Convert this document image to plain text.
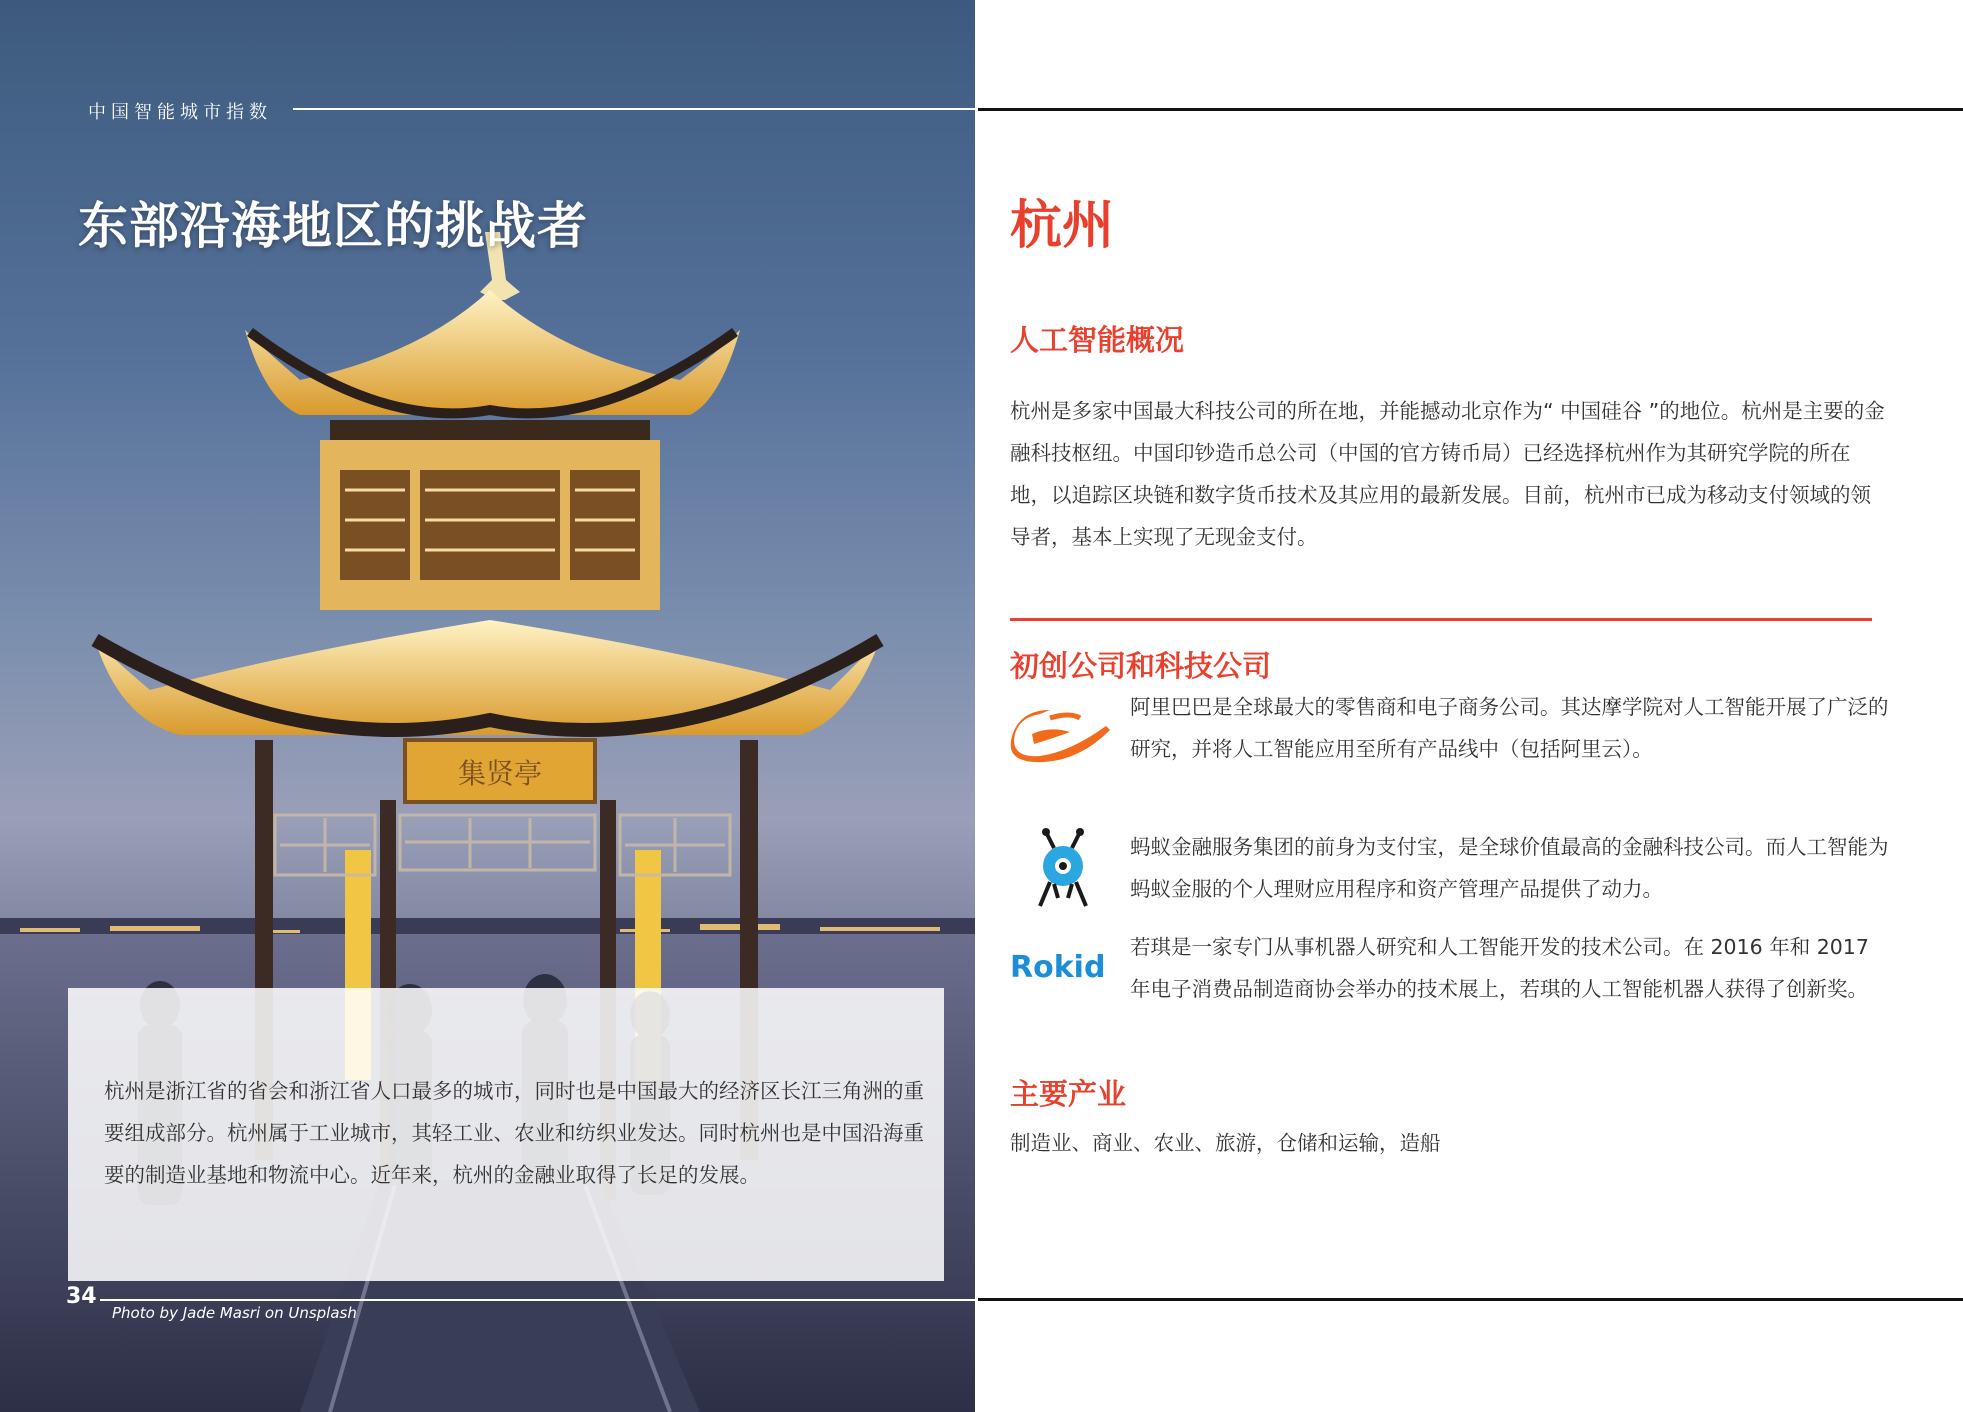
集贤亭
中国智能城市指数
东部沿海地区的挑战者

杭州是浙江省的省会和浙江省人口最多的城市，同时也是中国最大的经济区长江三角洲的重要组成部分。杭州属于工业城市，其轻工业、农业和纺织业发达。同时杭州也是中国沿海重要的制造业基地和物流中心。近年来，杭州的金融业取得了长足的发展。

34
Photo by Jade Masri on Unsplash
杭州
人工智能概况

杭州是多家中国最大科技公司的所在地，并能撼动北京作为“ 中国硅谷 ”的地位。杭州是主要的金融科技枢纽。中国印钞造币总公司（中国的官方铸币局）已经选择杭州作为其研究学院的所在地，以追踪区块链和数字货币技术及其应用的最新发展。目前，杭州市已成为移动支付领域的领导者，基本上实现了无现金支付。

初创公司和科技公司

阿里巴巴是全球最大的零售商和电子商务公司。其达摩学院对人工智能开展了广泛的研究，并将人工智能应用至所有产品线中（包括阿里云）。

蚂蚁金融服务集团的前身为支付宝，是全球价值最高的金融科技公司。而人工智能为蚂蚁金服的个人理财应用程序和资产管理产品提供了动力。

Rokid

若琪是一家专门从事机器人研究和人工智能开发的技术公司。在 2016 年和 2017 年电子消费品制造商协会举办的技术展上，若琪的人工智能机器人获得了创新奖。

主要产业

制造业、商业、农业、旅游，仓储和运输，造船
